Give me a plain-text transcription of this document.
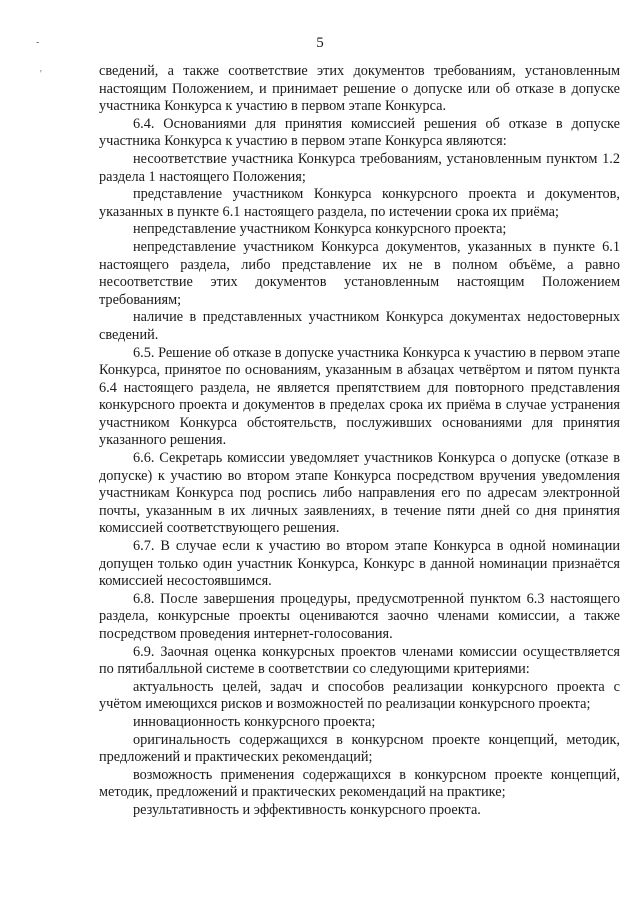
-
'
5

сведений, а также соответствие этих документов требованиям, установленным настоящим Положением, и принимает решение о допуске или об отказе в допуске участника Конкурса к участию в первом этапе Конкурса.

6.4. Основаниями для принятия комиссией решения об отказе в допуске участника Конкурса к участию в первом этапе Конкурса являются:

несоответствие участника Конкурса требованиям, установленным пунктом 1.2 раздела 1 настоящего Положения;

представление участником Конкурса конкурсного проекта и документов, указанных в пункте 6.1 настоящего раздела, по истечении срока их приёма;

непредставление участником Конкурса конкурсного проекта;

непредставление участником Конкурса документов, указанных в пункте 6.1 настоящего раздела, либо представление их не в полном объёме, а равно несоответствие этих документов установленным настоящим Положением требованиям;

наличие в представленных участником Конкурса документах недостоверных сведений.

6.5. Решение об отказе в допуске участника Конкурса к участию в первом этапе Конкурса, принятое по основаниям, указанным в абзацах четвёртом и пятом пункта 6.4 настоящего раздела, не является препятствием для повторного представления конкурсного проекта и документов в пределах срока их приёма в случае устранения участником Конкурса обстоятельств, послуживших основаниями для принятия указанного решения.

6.6. Секретарь комиссии уведомляет участников Конкурса о допуске (отказе в допуске) к участию во втором этапе Конкурса посредством вручения уведомления участникам Конкурса под роспись либо направления его по адресам электронной почты, указанным в их личных заявлениях, в течение пяти дней со дня принятия комиссией соответствующего решения.

6.7. В случае если к участию во втором этапе Конкурса в одной номинации допущен только один участник Конкурса, Конкурс в данной номинации признаётся комиссией несостоявшимся.

6.8. После завершения процедуры, предусмотренной пунктом 6.3 настоящего раздела, конкурсные проекты оцениваются заочно членами комиссии, а также посредством проведения интернет-голосования.

6.9. Заочная оценка конкурсных проектов членами комиссии осуществляется по пятибалльной системе в соответствии со следующими критериями:

актуальность целей, задач и способов реализации конкурсного проекта с учётом имеющихся рисков и возможностей по реализации конкурсного проекта;

инновационность конкурсного проекта;

оригинальность содержащихся в конкурсном проекте концепций, методик, предложений и практических рекомендаций;

возможность применения содержащихся в конкурсном проекте концепций, методик, предложений и практических рекомендаций на практике;

результативность и эффективность конкурсного проекта.
